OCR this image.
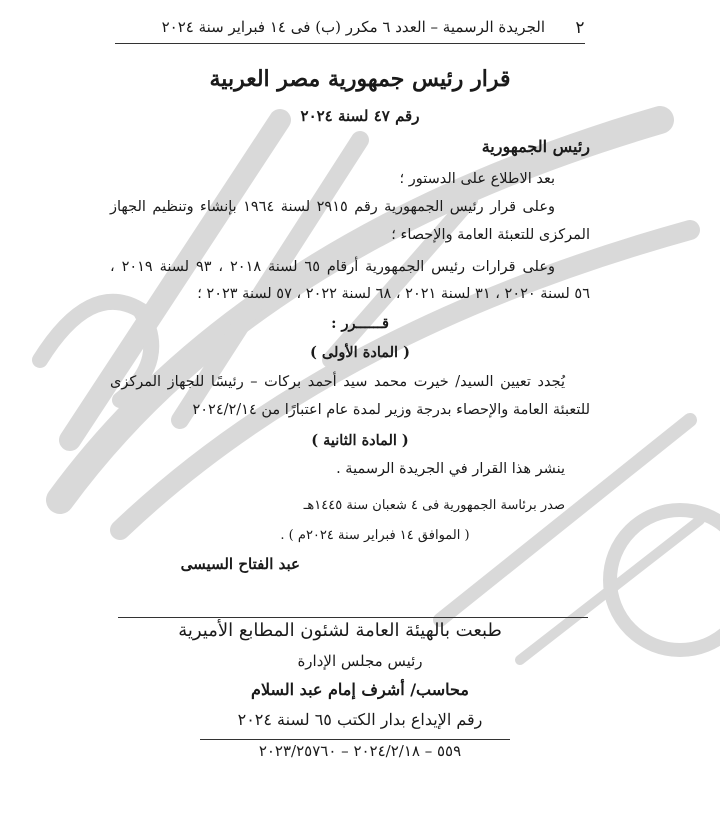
٢
الجريدة الرسمية – العدد ٦ مكرر (ب) فى ١٤ فبراير سنة ٢٠٢٤
قرار رئيس جمهورية مصر العربية
رقم ٤٧ لسنة ٢٠٢٤
رئيس الجمهورية
بعد الاطلاع على الدستور ؛
وعلى قرار رئيس الجمهورية رقم ٢٩١٥ لسنة ١٩٦٤ بإنشاء وتنظيم الجهاز
المركزى للتعبئة العامة والإحصاء ؛
وعلى قرارات رئيس الجمهورية أرقام ٦٥ لسنة ٢٠١٨ ، ٩٣ لسنة ٢٠١٩ ،
٥٦ لسنة ٢٠٢٠ ، ٣١ لسنة ٢٠٢١ ، ٦٨ لسنة ٢٠٢٢ ، ٥٧ لسنة ٢٠٢٣ ؛
قــــــرر :
( المادة الأولى )
يُجدد تعيين السيد/ خيرت محمد سيد أحمد بركات – رئيسًا للجهاز المركزى
للتعبئة العامة والإحصاء بدرجة وزير لمدة عام اعتبارًا من ٢٠٢٤/٢/١٤
( المادة الثانية )
ينشر هذا القرار في الجريدة الرسمية .
صدر برئاسة الجمهورية فى ٤ شعبان سنة ١٤٤٥هـ
( الموافق ١٤ فبراير سنة ٢٠٢٤م ) .
عبد الفتاح السيسى
طبعت بالهيئة العامة لشئون المطابع الأميرية
رئيس مجلس الإدارة
محاسب/ أشرف إمام عبد السلام
رقم الإيداع بدار الكتب ٦٥ لسنة ٢٠٢٤
٥٥٩ – ٢٠٢٤/٢/١٨ – ٢٠٢٣/٢٥٧٦٠
